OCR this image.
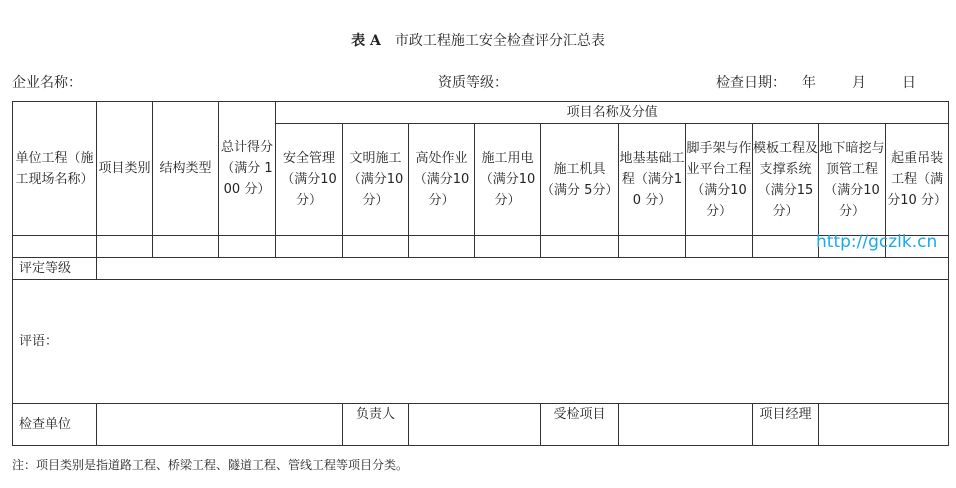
表 A 市政工程施工安全检查评分汇总表
企业名称：	资质等级：	检查日期： 年	月	日
单位工程（施工现场名称）	项目类别	结构类型	总计得分（满分 100 分）	项目名称及分值									
				安全管理（满分10 分）	文明施工（满分10 分）	高处作业（满分10 分）	施工用电（满分10 分）	施工机具（满分 5分）	地基基础工程（满分10 分）	脚手架与作业平台工程（满分10 分）	模板工程及支撑系统（满分15 分）	地下暗挖与顶管工程（满分10 分）	起重吊装工程（满分10 分）

评定等级													
评语：													
检查单位					负责人			受检项目			项目经理		
注：项目类别是指道路工程、桥梁工程、隧道工程、管线工程等项目分类。
http://gczlk.cn
